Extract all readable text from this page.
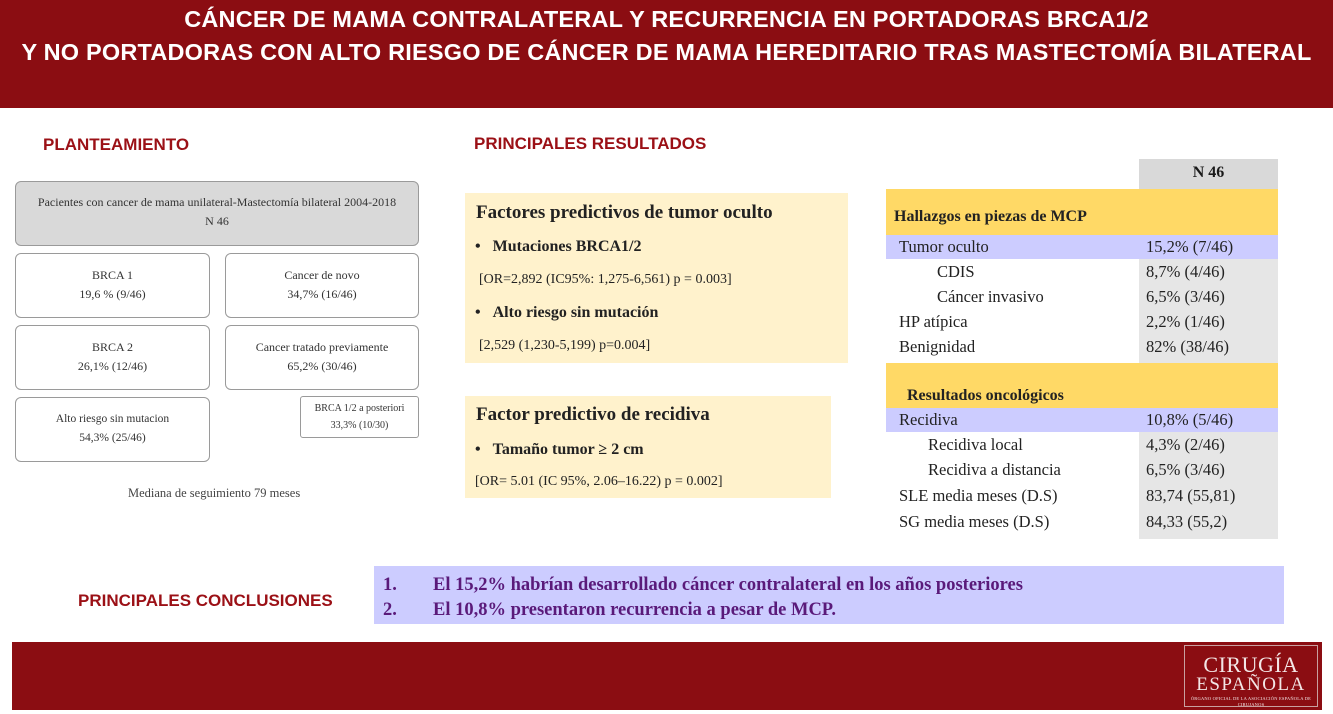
CÁNCER DE MAMA CONTRALATERAL Y RECURRENCIA EN PORTADORAS BRCA1/2
Y NO PORTADORAS CON ALTO RIESGO DE CÁNCER DE MAMA HEREDITARIO TRAS MASTECTOMÍA BILATERAL
PLANTEAMIENTO
Pacientes con cancer de mama unilateral-Mastectomía bilateral 2004-2018
N 46
BRCA 1
19,6 % (9/46)
Cancer de novo
34,7% (16/46)
BRCA 2
26,1% (12/46)
Cancer tratado previamente
65,2% (30/46)
Alto riesgo sin mutacion
54,3% (25/46)
BRCA 1/2 a posteriori
33,3% (10/30)
Mediana de seguimiento 79 meses
PRINCIPALES RESULTADOS
Factores predictivos de tumor oculto
• Mutaciones BRCA1/2
[OR=2,892 (IC95%: 1,275-6,561) p = 0.003]
• Alto riesgo sin mutación
[2,529 (1,230-5,199) p=0.004]
Factor predictivo de recidiva
• Tamaño tumor ≥ 2 cm
[OR= 5.01 (IC 95%, 2.06–16.22) p = 0.002]
N 46
Hallazgos en piezas de MCP
Tumor oculto	15,2% (7/46)
CDIS	8,7% (4/46)
Cáncer invasivo	6,5% (3/46)
HP atípica	2,2% (1/46)
Benignidad	82% (38/46)
Resultados oncológicos
Recidiva	10,8% (5/46)
Recidiva local	4,3% (2/46)
Recidiva a distancia	6,5% (3/46)
SLE media meses (D.S)	83,74 (55,81)
SG media meses (D.S)	84,33 (55,2)
PRINCIPALES CONCLUSIONES
1. El 15,2% habrían desarrollado cáncer contralateral en los años posteriores
2. El 10,8% presentaron recurrencia a pesar de MCP.
CIRUGÍA
ESPAÑOLA
ÓRGANO OFICIAL DE LA ASOCIACIÓN ESPAÑOLA DE CIRUJANOS
